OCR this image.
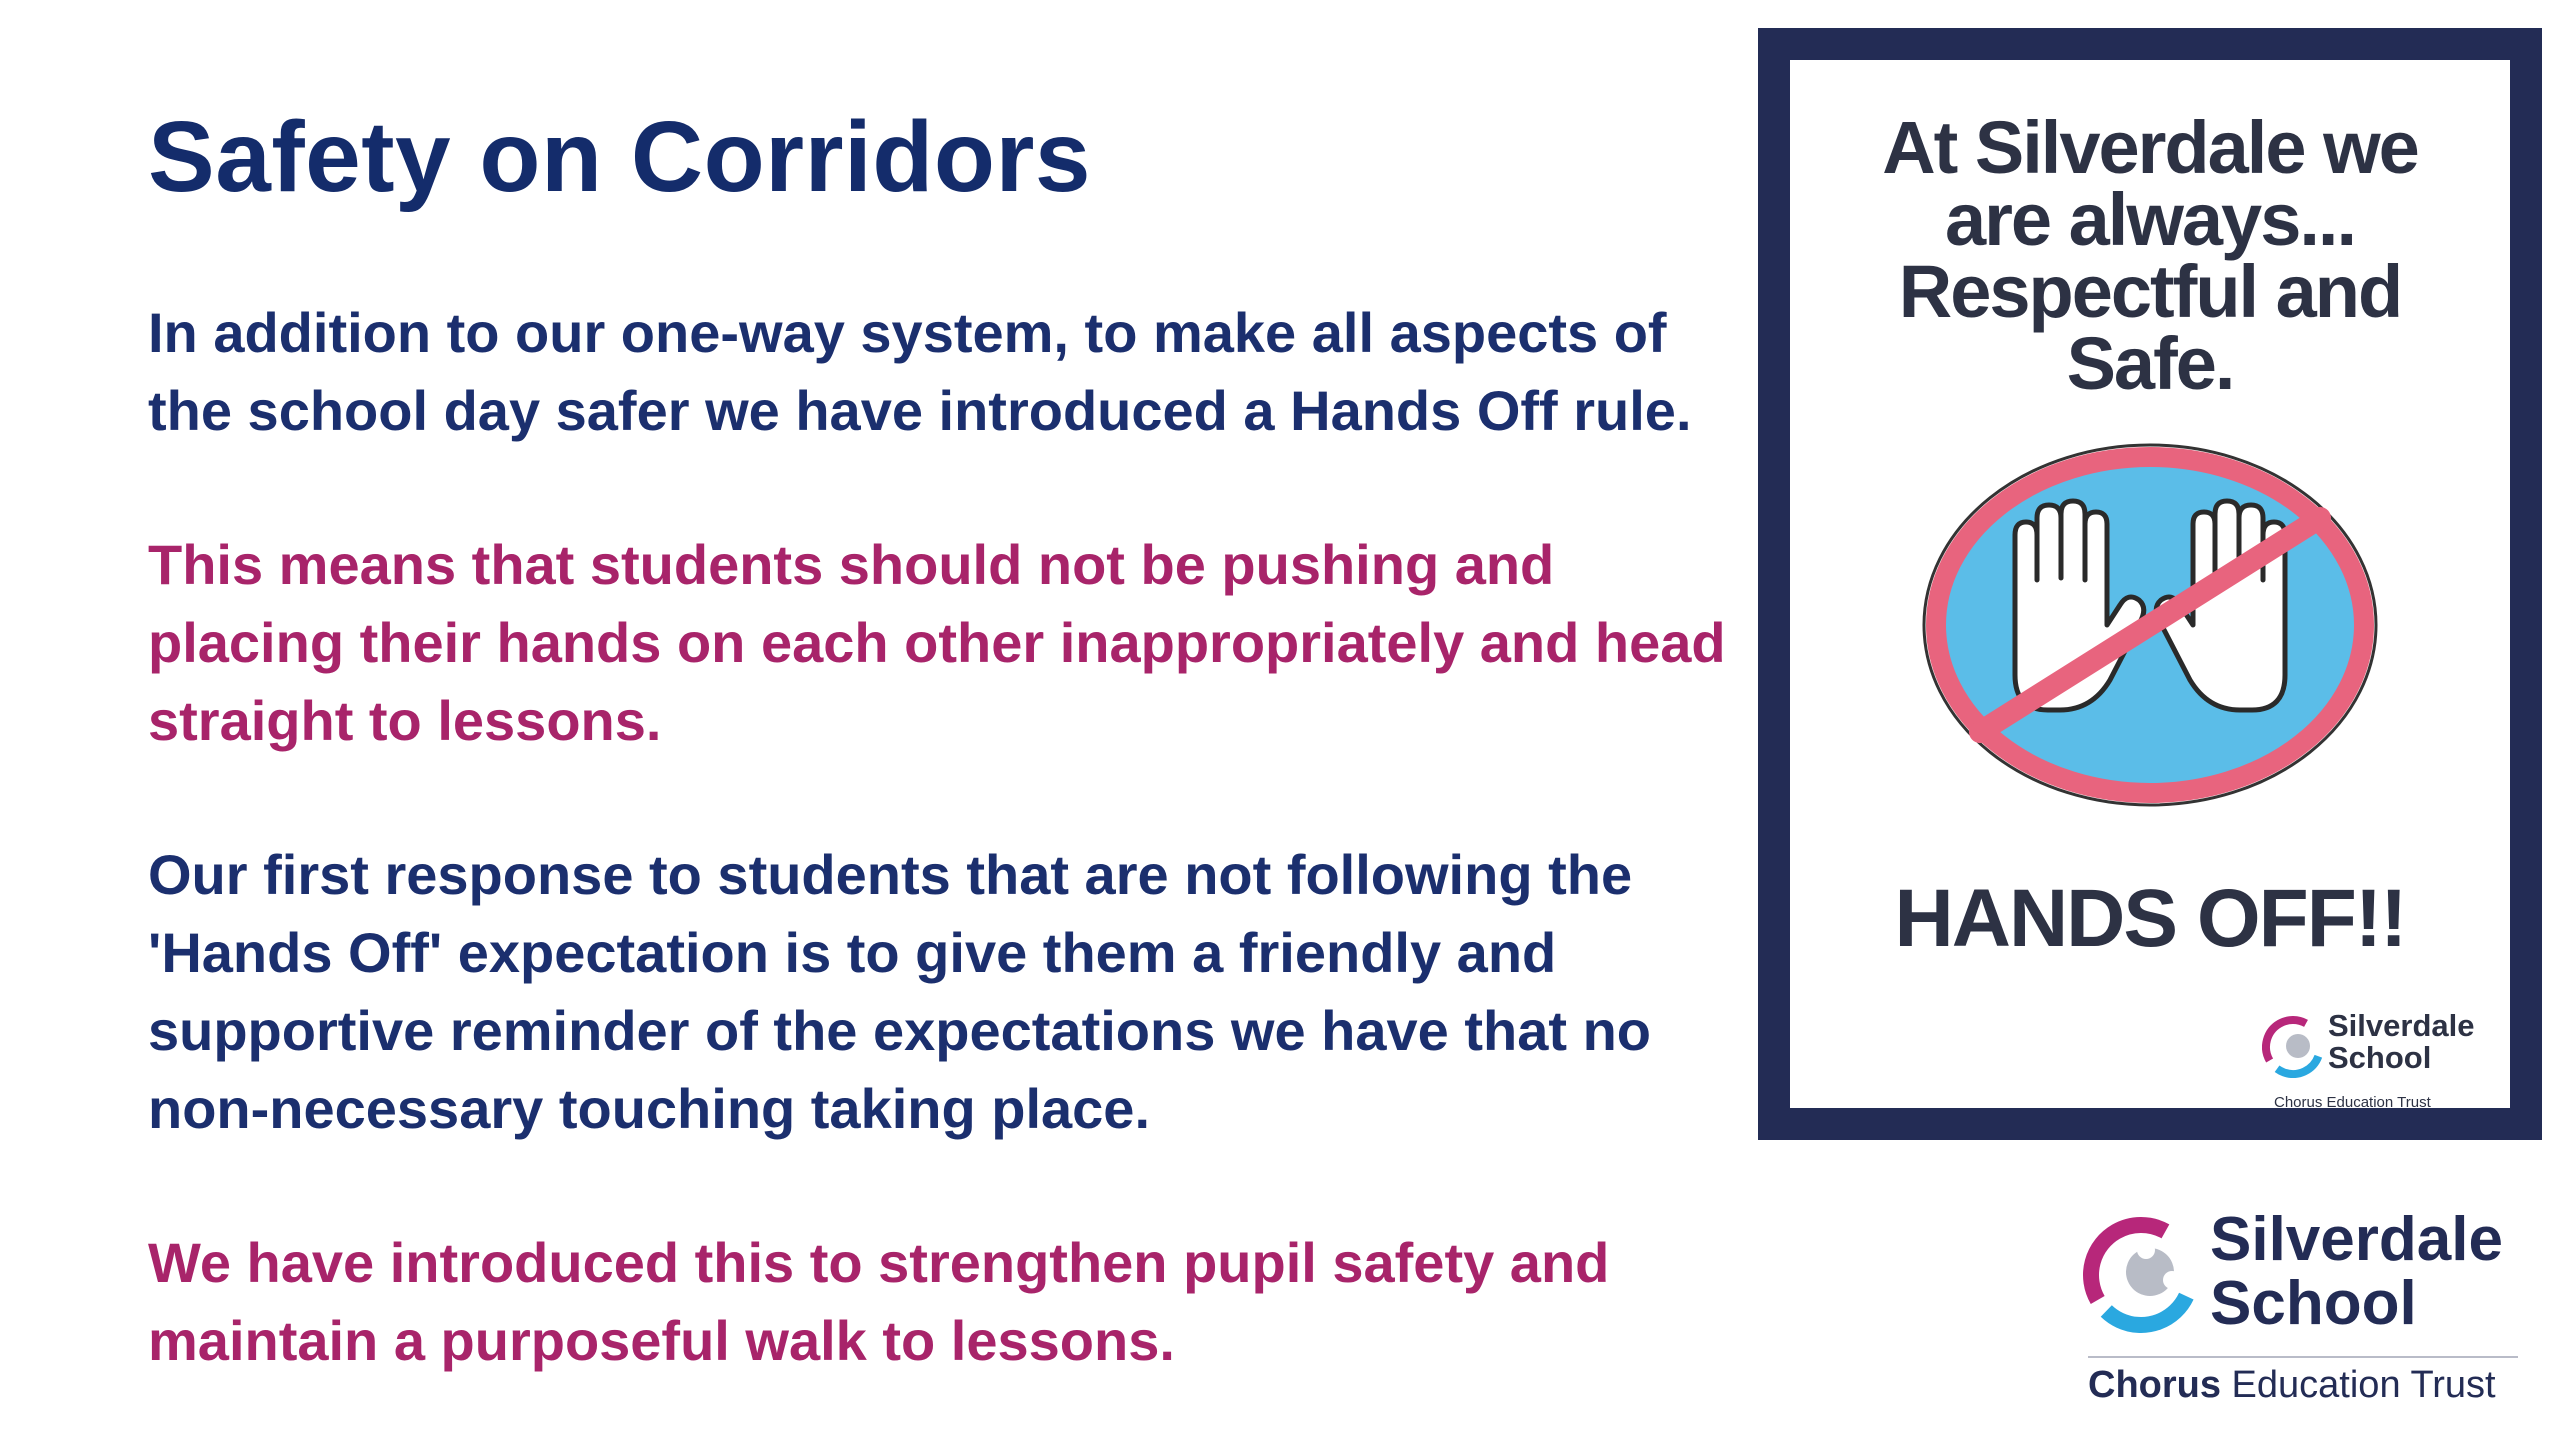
Safety on Corridors
In addition to our one-way system, to make all aspects of the school day safer we have introduced a Hands Off rule.
This means that students should not be pushing and placing their hands on each other inappropriately and head straight to lessons.
Our first response to students that are not following the 'Hands Off' expectation is to give them a friendly and supportive reminder of the expectations we have that no non-necessary touching taking place.
We have introduced this to strengthen pupil safety and maintain a purposeful walk to lessons.
At Silverdale we
are always...
Respectful and
Safe.
HANDS OFF!!
Silverdale
School
Chorus Education Trust
Silverdale
School
Chorus Education Trust
